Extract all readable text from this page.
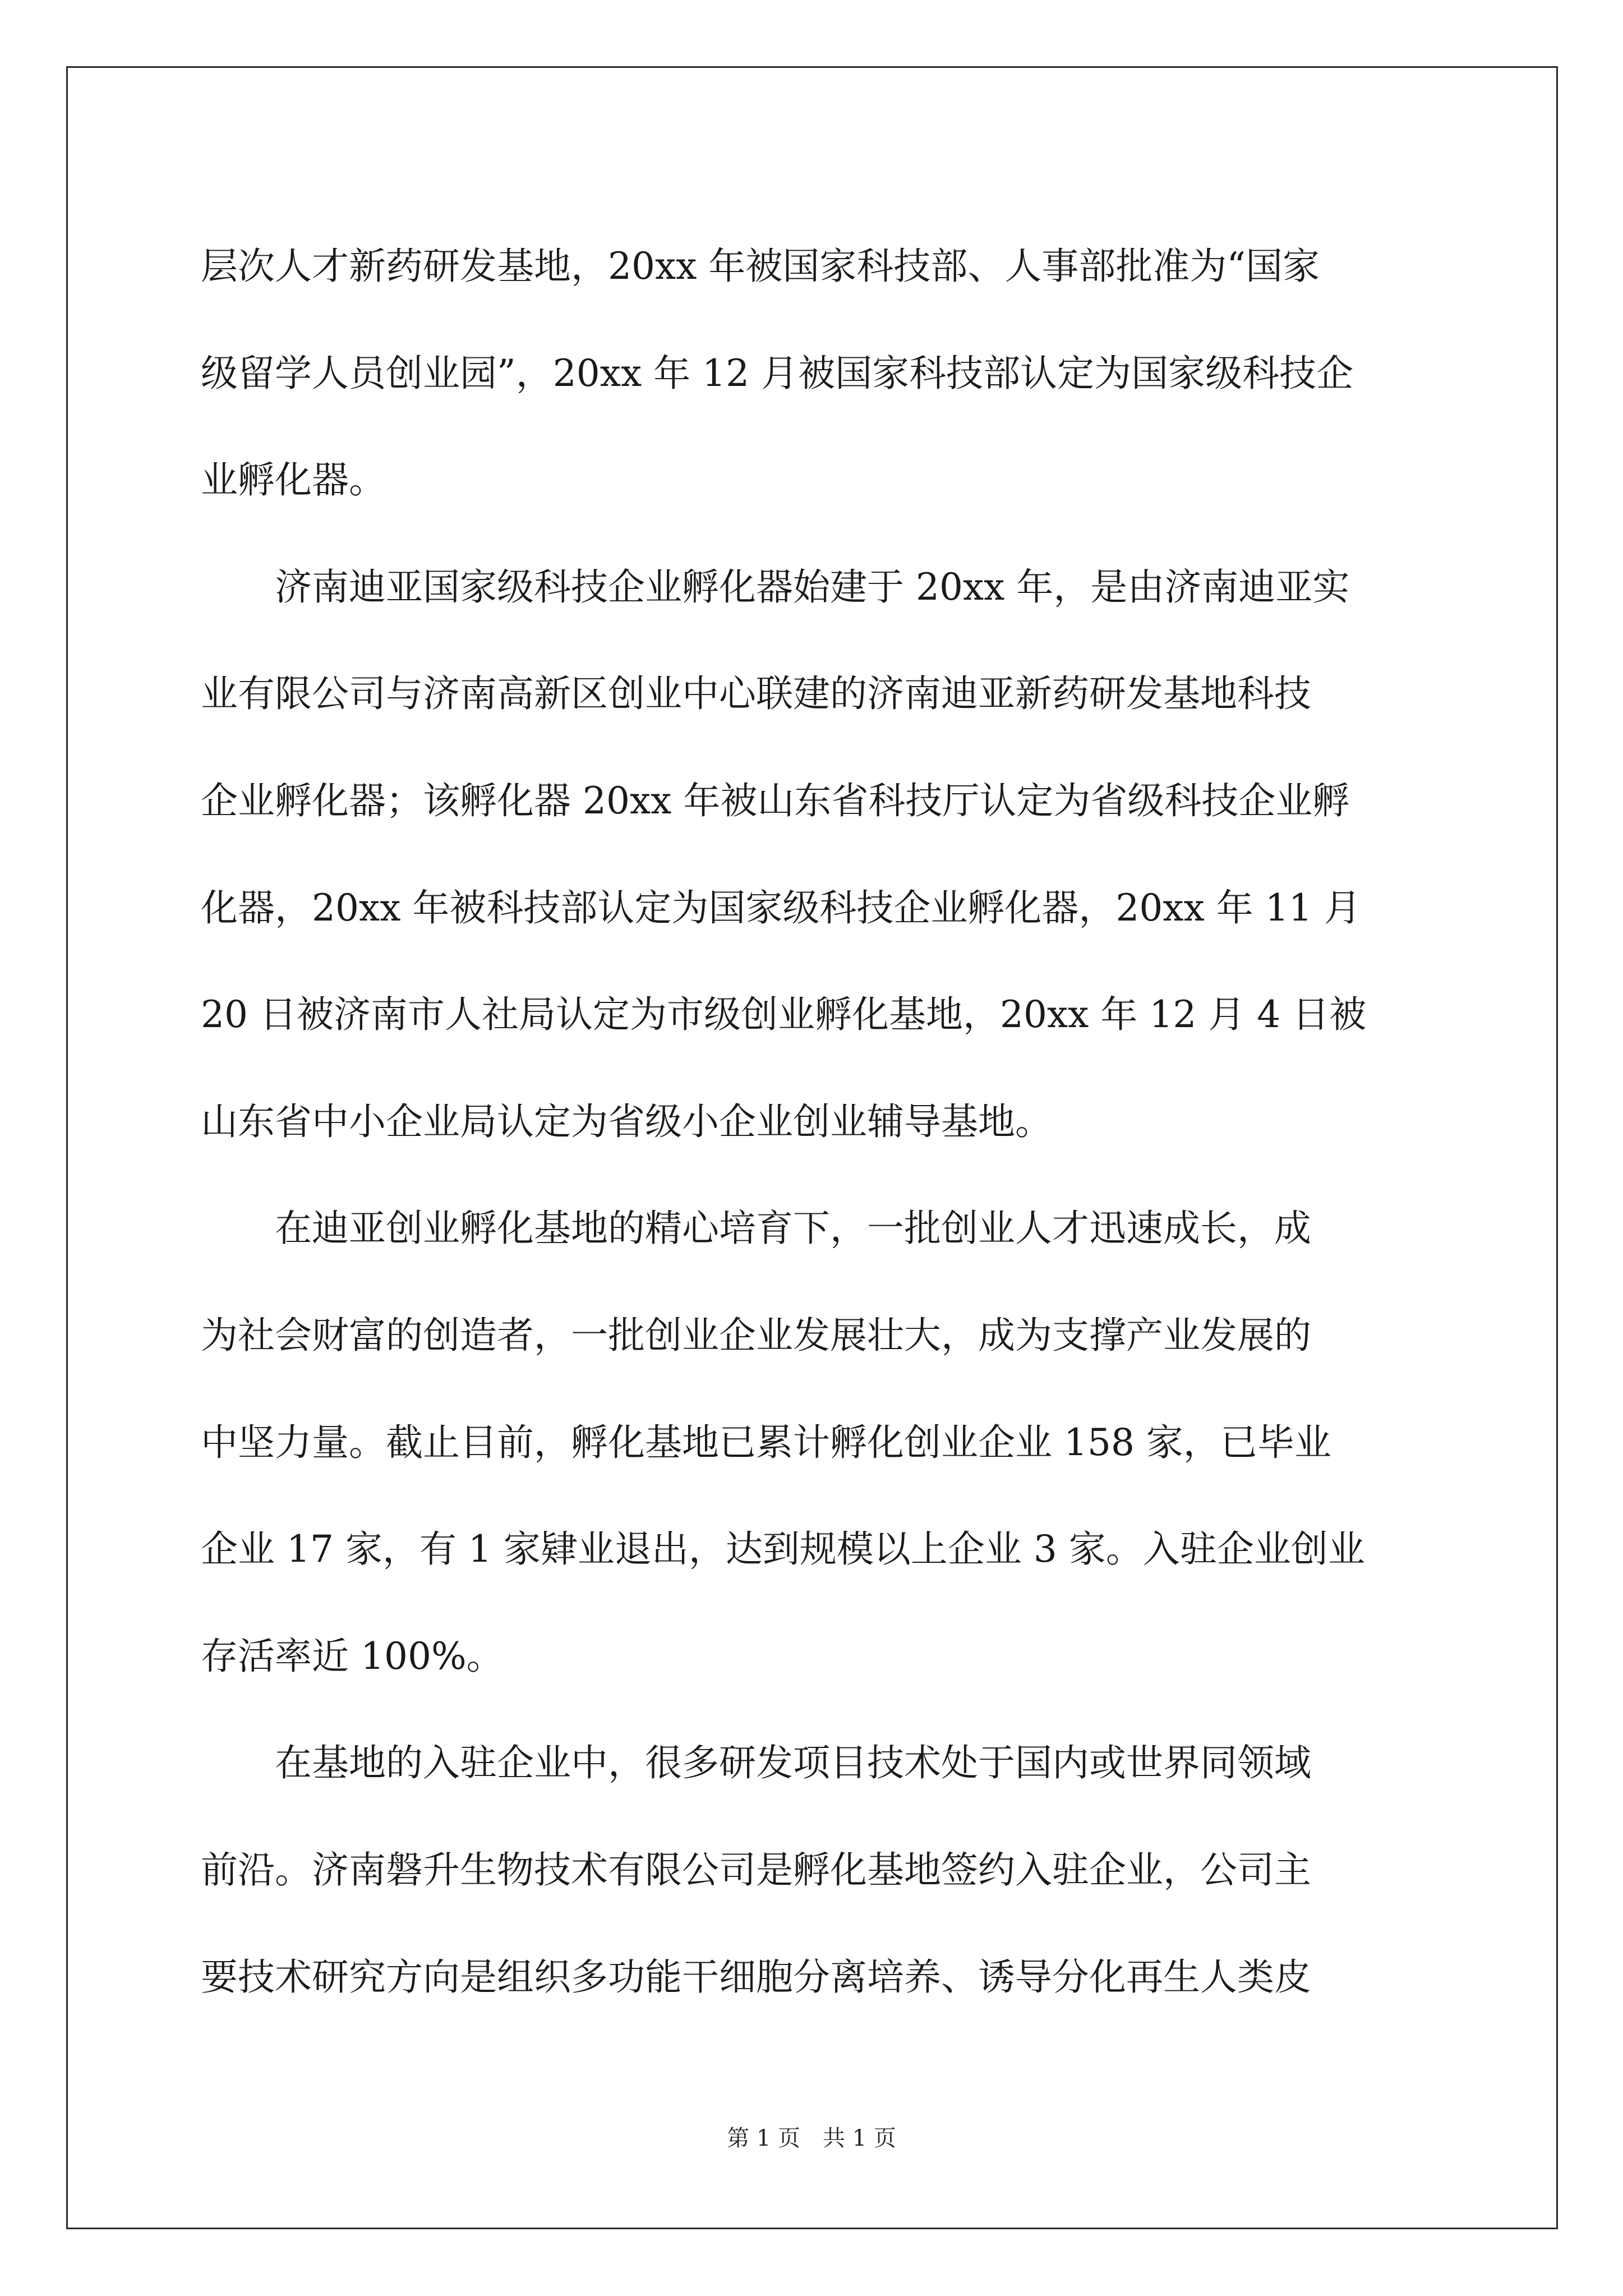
层次人才新药研发基地，20xx 年被国家科技部、人事部批准为“国家
级留学人员创业园”，20xx 年 12 月被国家科技部认定为国家级科技企
业孵化器。
　　济南迪亚国家级科技企业孵化器始建于 20xx 年，是由济南迪亚实
业有限公司与济南高新区创业中心联建的济南迪亚新药研发基地科技
企业孵化器；该孵化器 20xx 年被山东省科技厅认定为省级科技企业孵
化器，20xx 年被科技部认定为国家级科技企业孵化器，20xx 年 11 月
20 日被济南市人社局认定为市级创业孵化基地，20xx 年 12 月 4 日被
山东省中小企业局认定为省级小企业创业辅导基地。
　　在迪亚创业孵化基地的精心培育下，一批创业人才迅速成长，成
为社会财富的创造者，一批创业企业发展壮大，成为支撑产业发展的
中坚力量。截止目前，孵化基地已累计孵化创业企业 158 家，已毕业
企业 17 家，有 1 家肄业退出，达到规模以上企业 3 家。入驻企业创业
存活率近 100%。
　　在基地的入驻企业中，很多研发项目技术处于国内或世界同领域
前沿。济南磐升生物技术有限公司是孵化基地签约入驻企业，公司主
要技术研究方向是组织多功能干细胞分离培养、诱导分化再生人类皮
第 1 页　共 1 页
